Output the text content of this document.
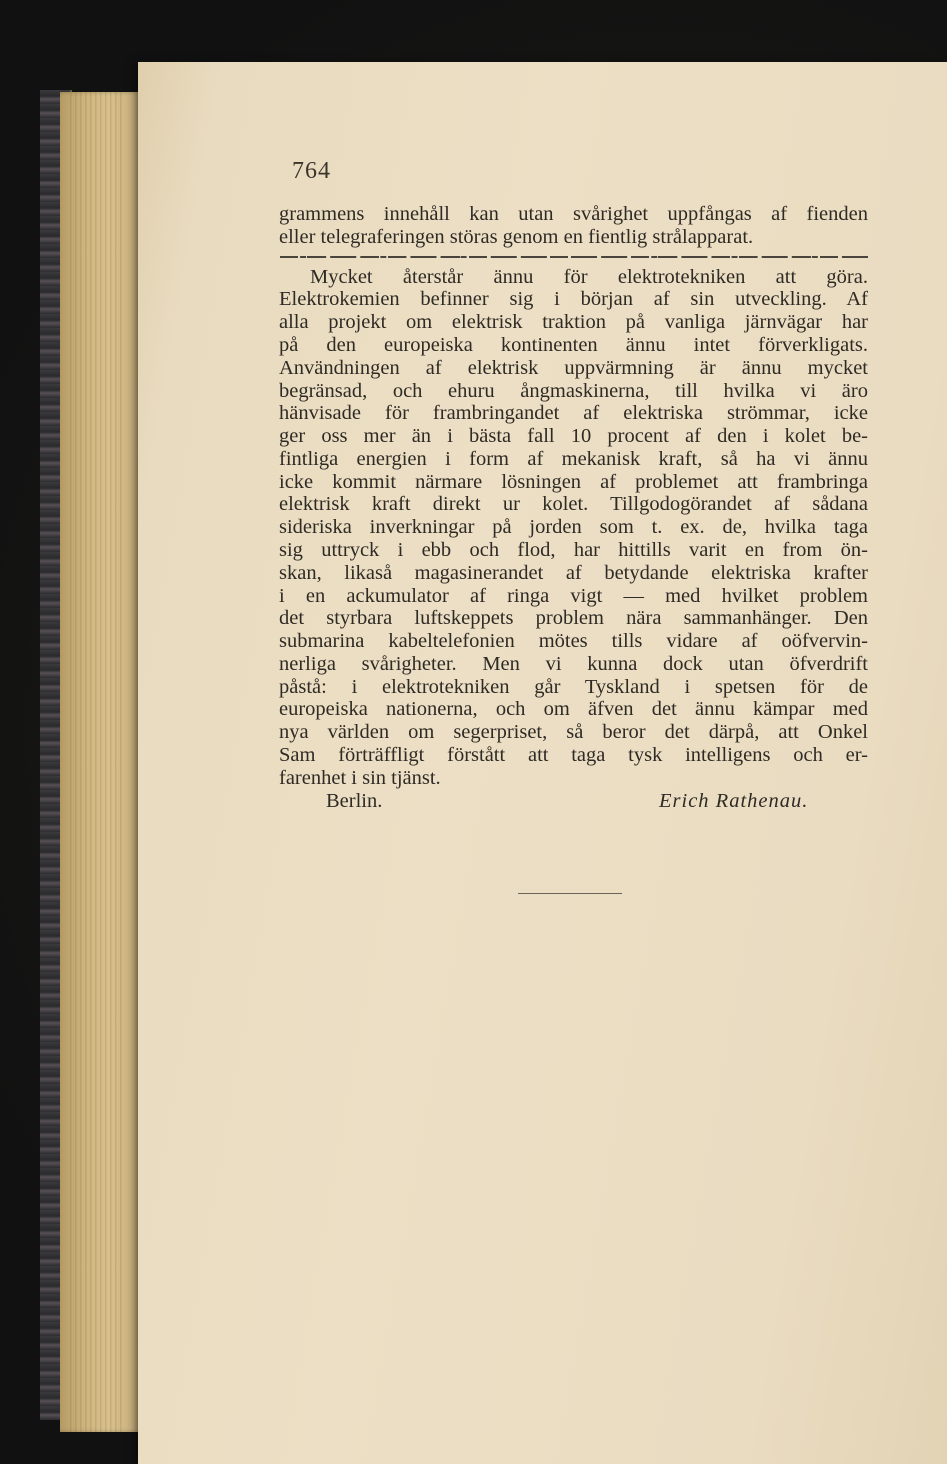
764
grammens innehåll kan utan svårighet uppfångas af fienden
eller telegraferingen störas genom en fientlig strålapparat.
Mycket återstår ännu för elektrotekniken att göra.
Elektrokemien befinner sig i början af sin utveckling. Af
alla projekt om elektrisk traktion på vanliga järnvägar har
på den europeiska kontinenten ännu intet förverkligats.
Användningen af elektrisk uppvärmning är ännu mycket
begränsad, och ehuru ångmaskinerna, till hvilka vi äro
hänvisade för frambringandet af elektriska strömmar, icke
ger oss mer än i bästa fall 10 procent af den i kolet be-
fintliga energien i form af mekanisk kraft, så ha vi ännu
icke kommit närmare lösningen af problemet att frambringa
elektrisk kraft direkt ur kolet. Tillgodogörandet af sådana
sideriska inverkningar på jorden som t. ex. de, hvilka taga
sig uttryck i ebb och flod, har hittills varit en from ön-
skan, likaså magasinerandet af betydande elektriska krafter
i en ackumulator af ringa vigt — med hvilket problem
det styrbara luftskeppets problem nära sammanhänger. Den
submarina kabeltelefonien mötes tills vidare af oöfvervin-
nerliga svårigheter. Men vi kunna dock utan öfverdrift
påstå: i elektrotekniken går Tyskland i spetsen för de
europeiska nationerna, och om äfven det ännu kämpar med
nya världen om segerpriset, så beror det därpå, att Onkel
Sam förträffligt förstått att taga tysk intelligens och er-
farenhet i sin tjänst.
Berlin.	Erich Rathenau.
